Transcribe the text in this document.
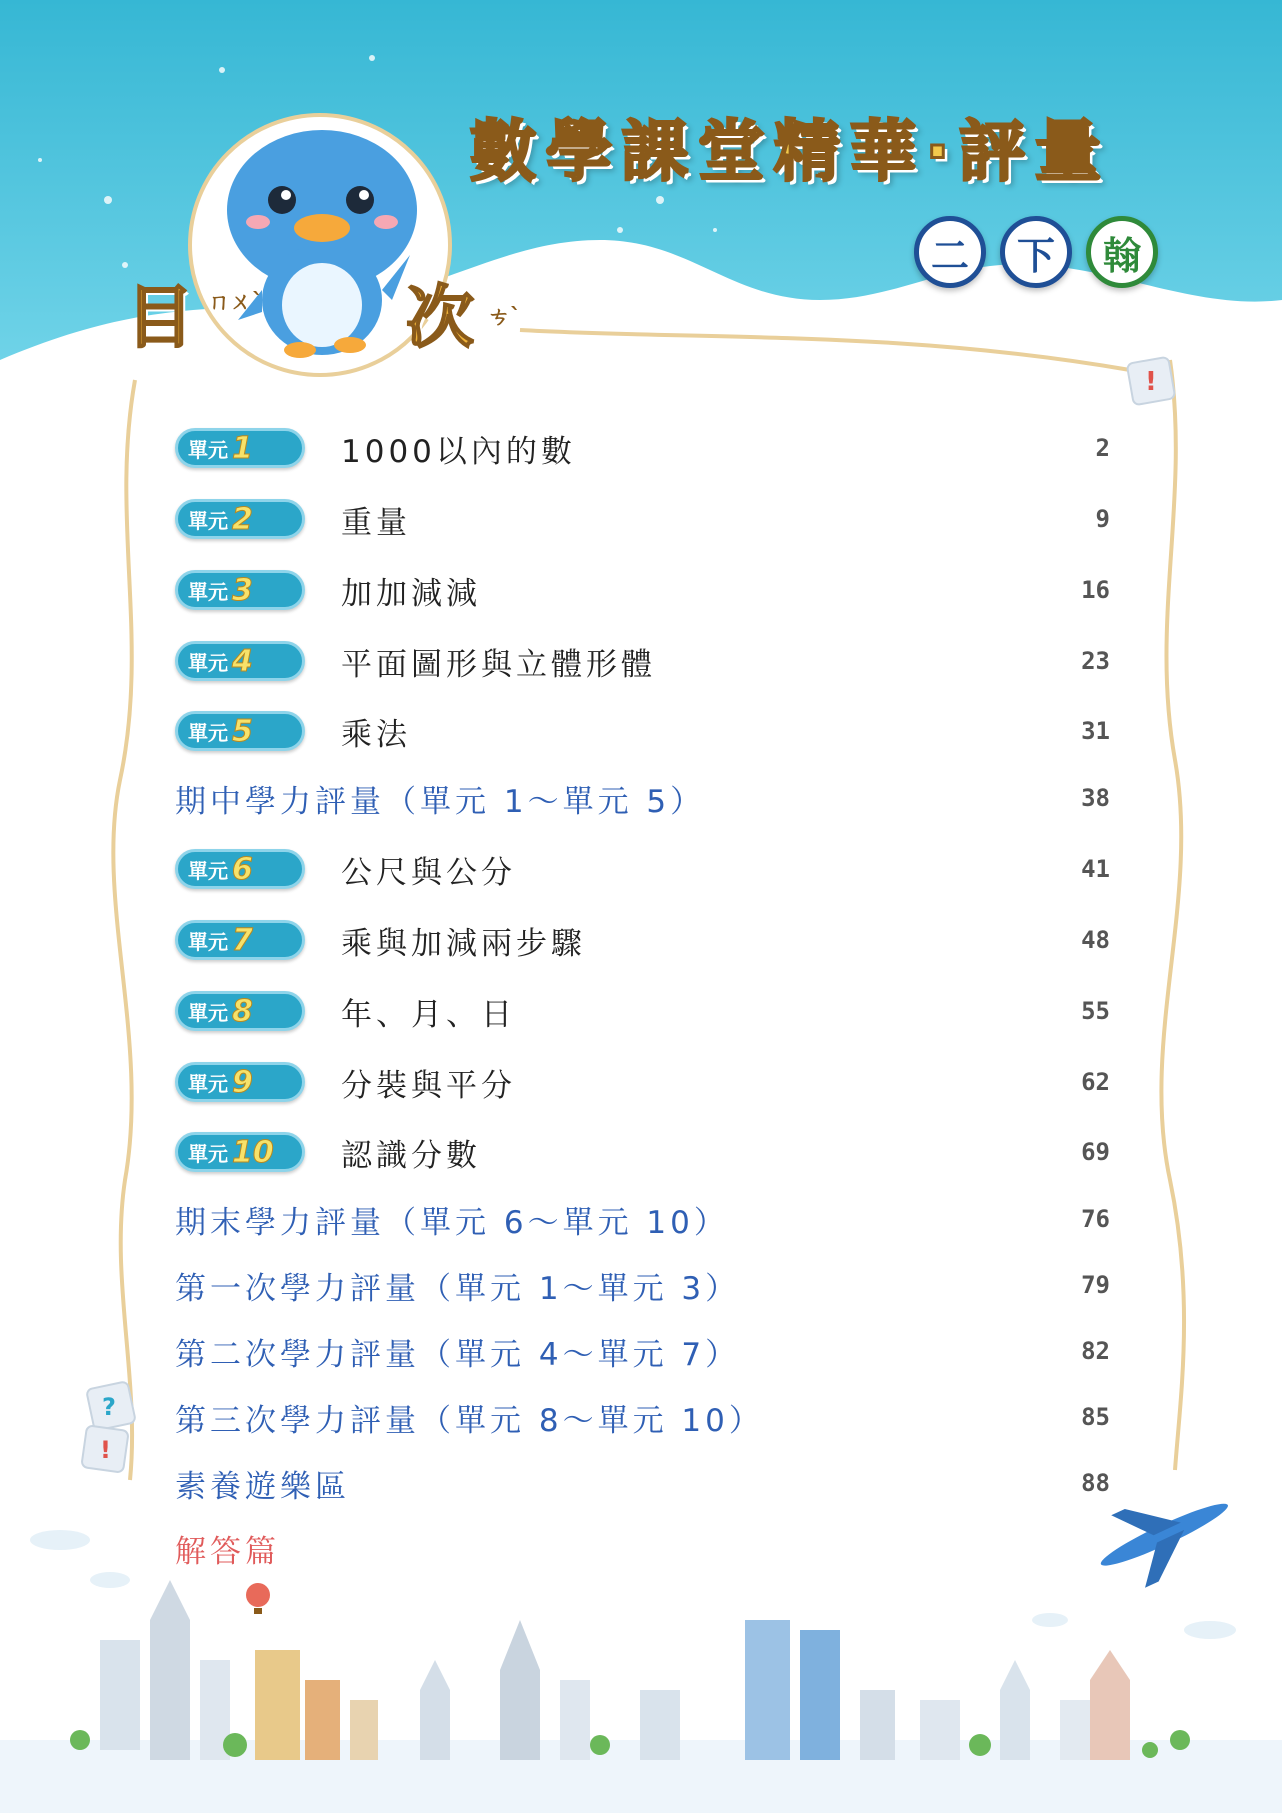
!
?
!
數學課堂精華‧評量
二	下	翰
目 ㄇㄨˋ 次 ㄘˋ
單元 1	1000以內的數	2
單元 2	重量	9
單元 3	加加減減	16
單元 4	平面圖形與立體形體	23
單元 5	乘法	31
期中學力評量（單元 1～單元 5）	38
單元 6	公尺與公分	41
單元 7	乘與加減兩步驟	48
單元 8	年、月、日	55
單元 9	分裝與平分	62
單元 10 認識分數	69
期末學力評量（單元 6～單元 10）	76
第一次學力評量（單元 1～單元 3）	79
第二次學力評量（單元 4～單元 7）	82
第三次學力評量（單元 8～單元 10）	85
素養遊樂區	88
解答篇
